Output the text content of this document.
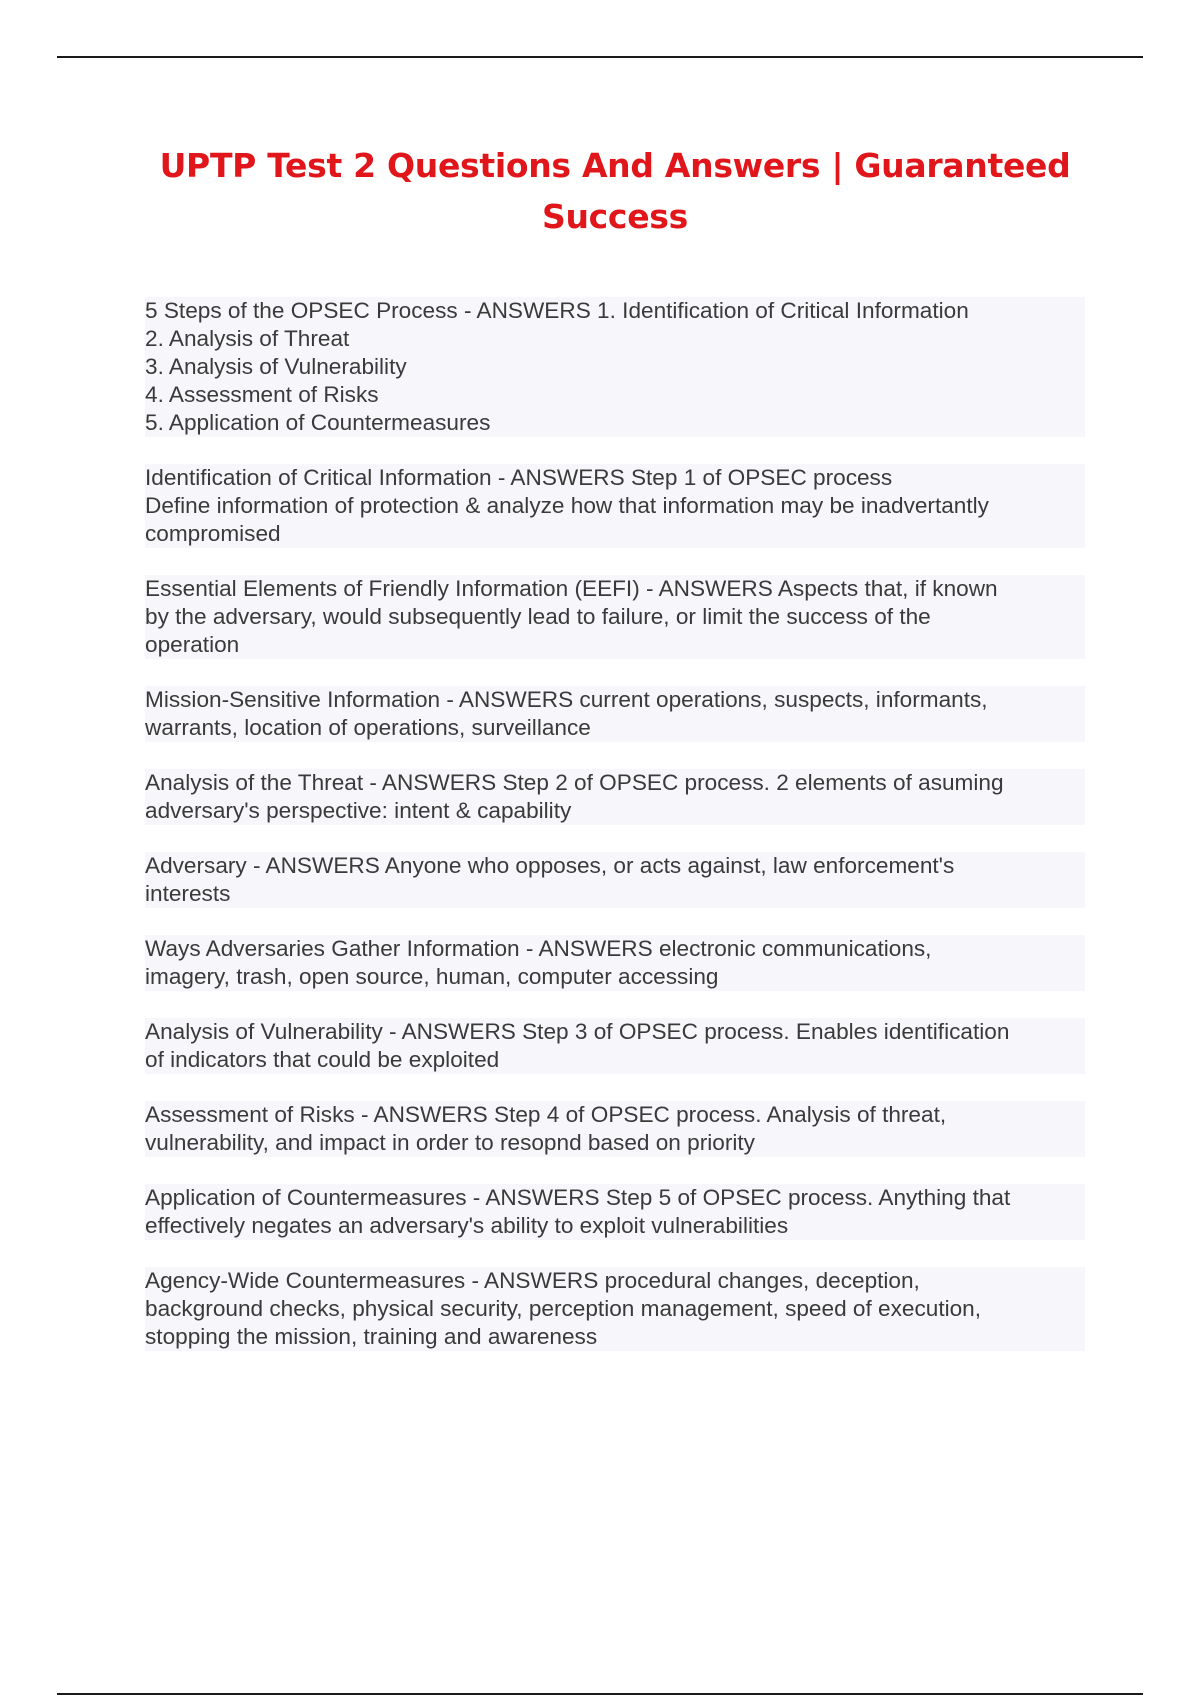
UPTP Test 2 Questions And Answers | Guaranteed
Success
5 Steps of the OPSEC Process - ANSWERS 1. Identification of Critical Information
2. Analysis of Threat
3. Analysis of Vulnerability
4. Assessment of Risks
5. Application of Countermeasures
Identification of Critical Information - ANSWERS Step 1 of OPSEC process
Define information of protection & analyze how that information may be inadvertantly
compromised
Essential Elements of Friendly Information (EEFI) - ANSWERS Aspects that, if known
by the adversary, would subsequently lead to failure, or limit the success of the
operation
Mission-Sensitive Information - ANSWERS current operations, suspects, informants,
warrants, location of operations, surveillance
Analysis of the Threat - ANSWERS Step 2 of OPSEC process. 2 elements of asuming
adversary's perspective: intent & capability
Adversary - ANSWERS Anyone who opposes, or acts against, law enforcement's
interests
Ways Adversaries Gather Information - ANSWERS electronic communications,
imagery, trash, open source, human, computer accessing
Analysis of Vulnerability - ANSWERS Step 3 of OPSEC process. Enables identification
of indicators that could be exploited
Assessment of Risks - ANSWERS Step 4 of OPSEC process. Analysis of threat,
vulnerability, and impact in order to resopnd based on priority
Application of Countermeasures - ANSWERS Step 5 of OPSEC process. Anything that
effectively negates an adversary's ability to exploit vulnerabilities
Agency-Wide Countermeasures - ANSWERS procedural changes, deception,
background checks, physical security, perception management, speed of execution,
stopping the mission, training and awareness
